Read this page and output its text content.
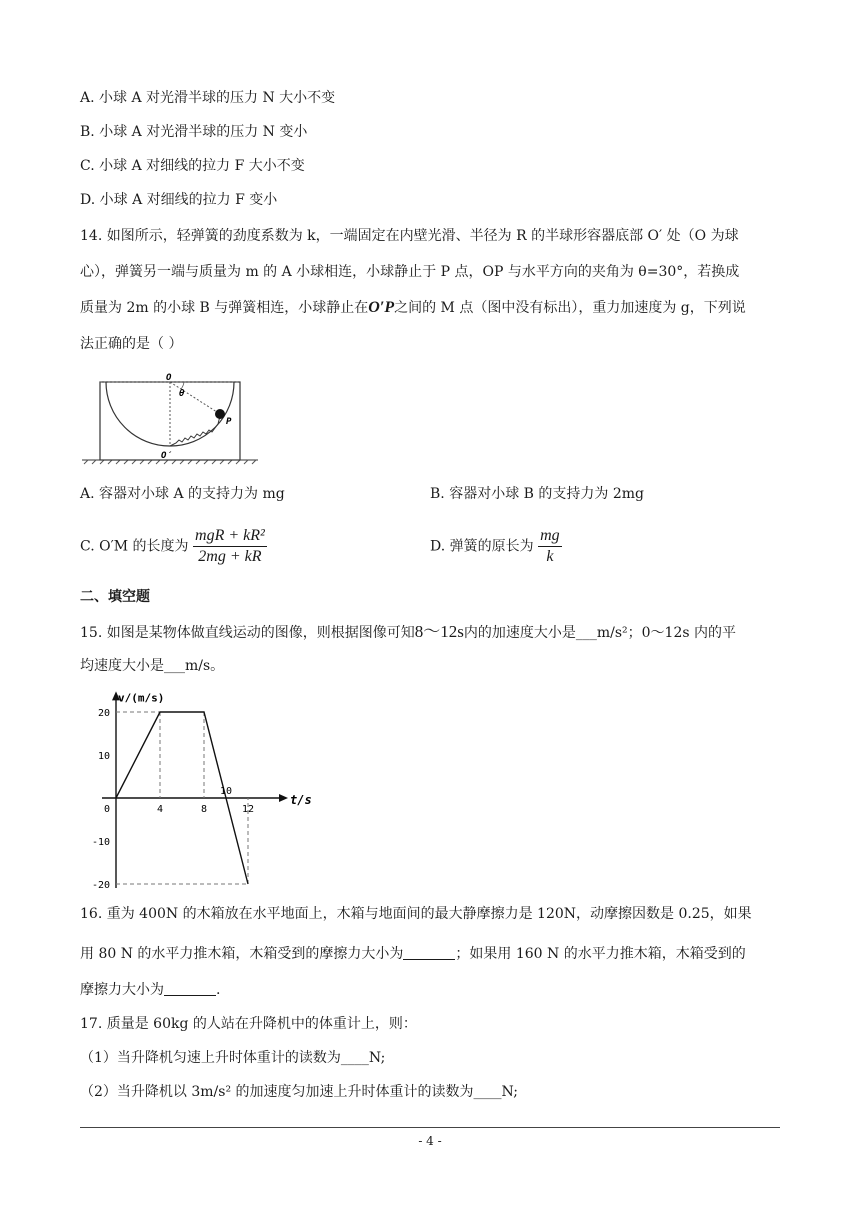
A. 小球 A 对光滑半球的压力 N 大小不变
B. 小球 A 对光滑半球的压力 N 变小
C. 小球 A 对细线的拉力 F 大小不变
D. 小球 A 对细线的拉力 F 变小
14. 如图所示，轻弹簧的劲度系数为 k，一端固定在内壁光滑、半径为 R 的半球形容器底部 O′ 处（O 为球
心），弹簧另一端与质量为 m 的 A 小球相连，小球静止于 P 点，OP 与水平方向的夹角为 θ=30°，若换成
质量为 2m 的小球 B 与弹簧相连，小球静止在O′P之间的 M 点（图中没有标出），重力加速度为 g，下列说
法正确的是（ ）
O
θ
P
O′
A. 容器对小球 A 的支持力为 mg	B. 容器对小球 B 的支持力为 2mg
C. O′M 的长度为 $\frac{\text{mgR + kR²}}{2mg + kR}$	D. 弹簧的原长为 $\frac{mg}{k}$
二、填空题
15. 如图是某物体做直线运动的图像，则根据图像可知8～12s内的加速度大小是___m/s²；0～12s 内的平
均速度大小是___m/s。
v/(m/s)
t/s
20
10
0
-10
-20
4	8
10
12
16. 重为 400N 的木箱放在水平地面上，木箱与地面间的最大静摩擦力是 120N，动摩擦因数是 0.25，如果
用 80 N 的水平力推木箱，木箱受到的摩擦力大小为	；如果用 160 N 的水平力推木箱，木箱受到的
摩擦力大小为	.
17. 质量是 60kg 的人站在升降机中的体重计上，则：
（1）当升降机匀速上升时体重计的读数为____N;
（2）当升降机以 3m/s² 的加速度匀加速上升时体重计的读数为____N;
- 4 -
